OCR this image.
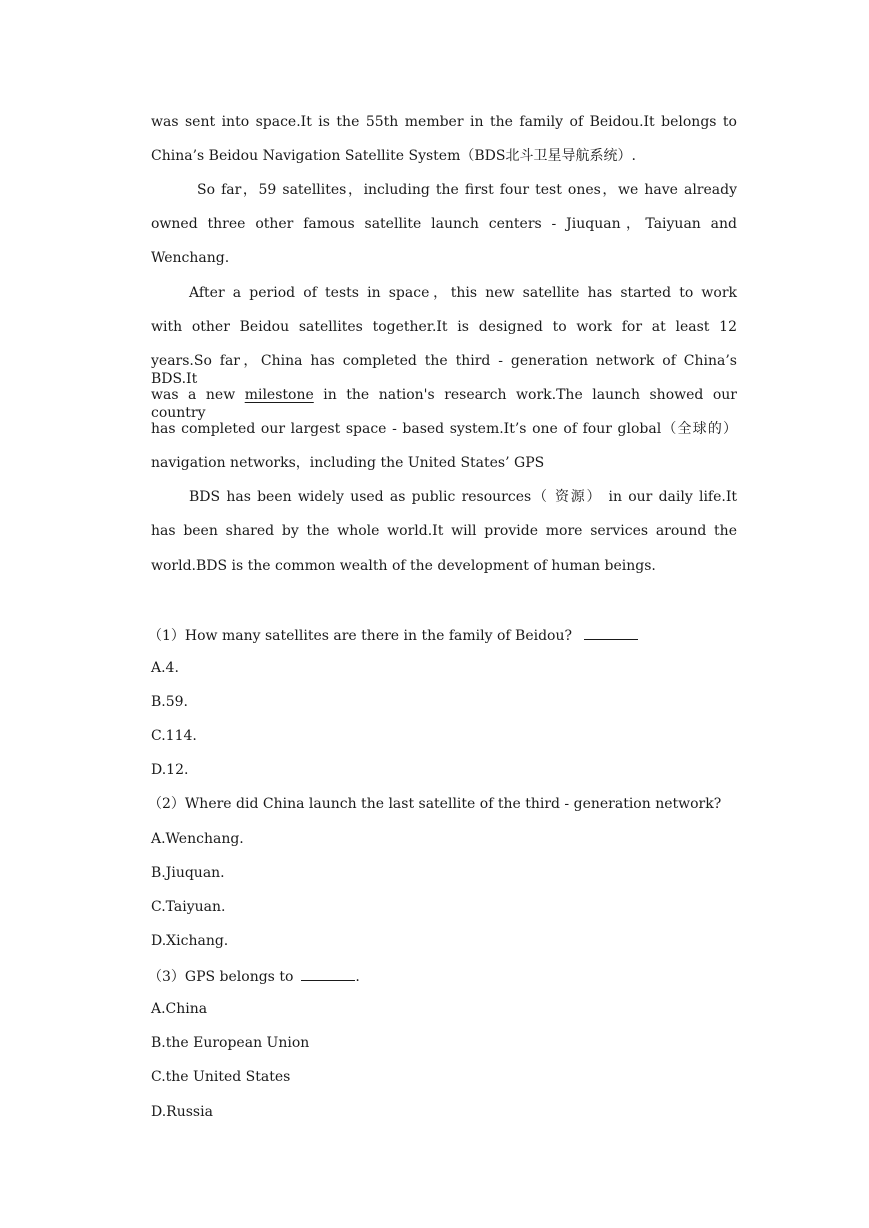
was sent into space.It is the 55th member in the family of Beidou.It belongs to
China’s Beidou Navigation Satellite System（BDS北斗卫星导航系统）.
So far，59 satellites，including the first four test ones，we have already
owned three other famous satellite launch centers - Jiuquan，Taiyuan and
Wenchang.
After a period of tests in space，this new satellite has started to work
with other Beidou satellites together.It is designed to work for at least 12
years.So far，China has completed the third - generation network of China’s BDS.It
was a new milestone in the nation's research work.The launch showed our country
has completed our largest space - based system.It’s one of four global（全球的）
navigation networks，including the United States’ GPS
BDS has been widely used as public resources（ 资源） in our daily life.It
has been shared by the whole world.It will provide more services around the
world.BDS is the common wealth of the development of human beings.
（1）How many satellites are there in the family of Beidou?
A.4.
B.59.
C.114.
D.12.
（2）Where did China launch the last satellite of the third - generation network?
A.Wenchang.
B.Jiuquan.
C.Taiyuan.
D.Xichang.
（3）GPS belongs to	.
A.China
B.the European Union
C.the United States
D.Russia
